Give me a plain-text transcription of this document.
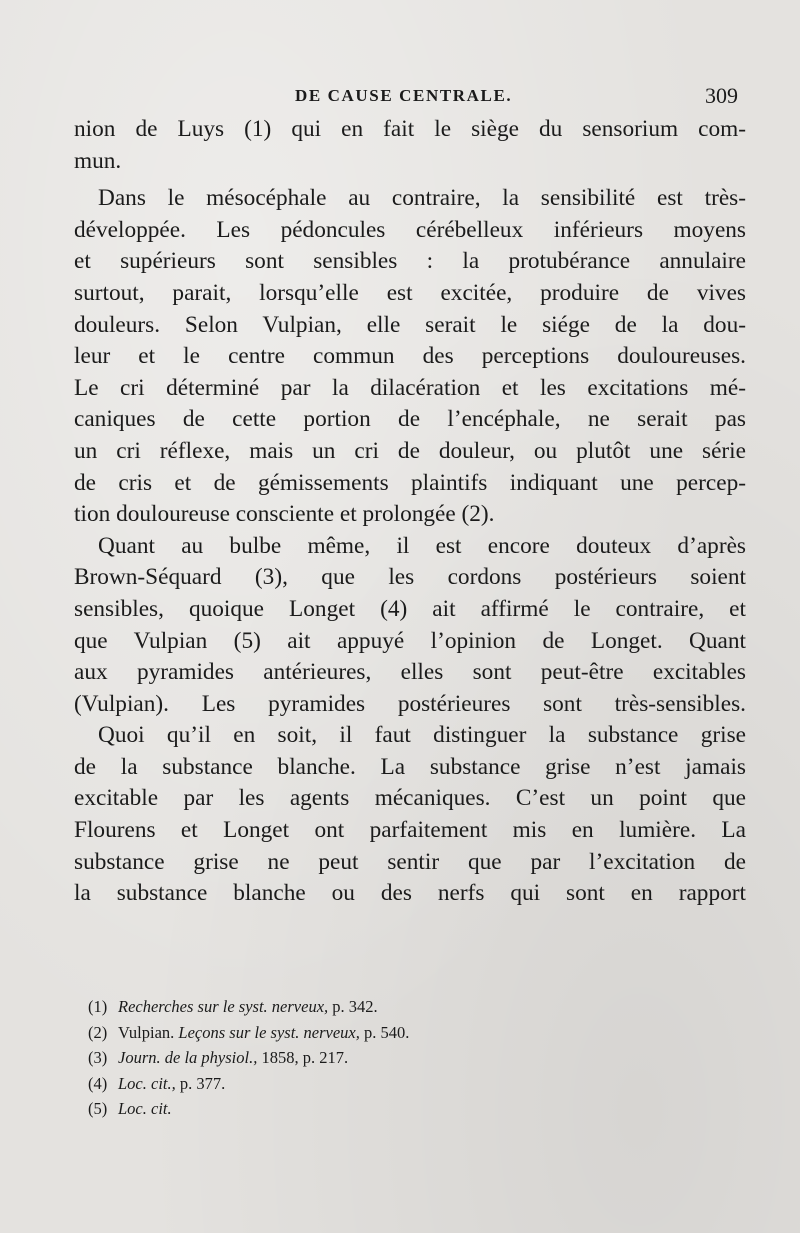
DE CAUSE CENTRALE.	309
nion de Luys (1) qui en fait le siège du sensorium com-
mun.
Dans le mésocéphale au contraire, la sensibilité est très-
développée. Les pédoncules cérébelleux inférieurs moyens
et supérieurs sont sensibles : la protubérance annulaire
surtout, parait, lorsqu’elle est excitée, produire de vives
douleurs. Selon Vulpian, elle serait le siége de la dou-
leur et le centre commun des perceptions douloureuses.
Le cri déterminé par la dilacération et les excitations mé-
caniques de cette portion de l’encéphale, ne serait pas
un cri réflexe, mais un cri de douleur, ou plutôt une série
de cris et de gémissements plaintifs indiquant une percep-
tion douloureuse consciente et prolongée (2).
Quant au bulbe même, il est encore douteux d’après
Brown-Séquard (3), que les cordons postérieurs soient
sensibles, quoique Longet (4) ait affirmé le contraire, et
que Vulpian (5) ait appuyé l’opinion de Longet. Quant
aux pyramides antérieures, elles sont peut-être excitables
(Vulpian). Les pyramides postérieures sont très-sensibles.
Quoi qu’il en soit, il faut distinguer la substance grise
de la substance blanche. La substance grise n’est jamais
excitable par les agents mécaniques. C’est un point que
Flourens et Longet ont parfaitement mis en lumière. La
substance grise ne peut sentir que par l’excitation de
la substance blanche ou des nerfs qui sont en rapport
(1) Recherches sur le syst. nerveux, p. 342.
(2) Vulpian. Leçons sur le syst. nerveux, p. 540.
(3) Journ. de la physiol., 1858, p. 217.
(4) Loc. cit., p. 377.
(5) Loc. cit.
